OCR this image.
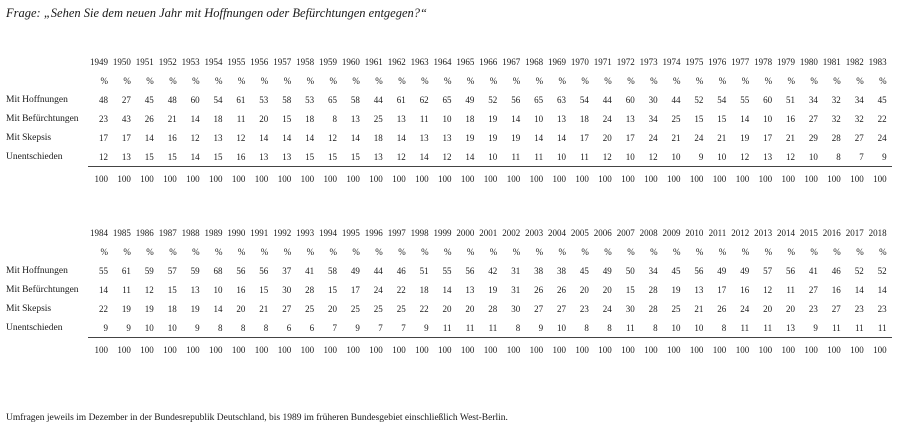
Frage: „Sehen Sie dem neuen Jahr mit Hoffnungen oder Befürchtungen entgegen?“
1949 1950 1951 1952 1953 1954 1955 1956 1957 1958 1959 1960 1961 1962 1963 1964 1965 1966 1967 1968 1969 1970 1971 1972 1973 1974 1975 1976 1977 1978 1979 1980 1981 1982 1983
%	%	%	%	%	%	%	%	%	%	%	%	%	%	%	%	%	%	%	%	%	%	%	%	%	%	%	%	%	%	%	%	%	%	%
Mit Hoffnungen	48	27	45	48	60	54	61	53	58	53	65	58	44	61	62	65	49	52	56	65	63	54	44	60	30	44	52	54	55	60	51	34	32	34	45
Mit Befürchtungen	23	43	26	21	14	18	11	20	15	18	8	13	25	13	11	10	18	19	14	10	13	18	24	13	34	25	15	15	14	10	16	27	32	32	22
Mit Skepsis	17	17	14	16	12	13	12	14	14	14	12	14	18	14	13	13	19	19	19	14	14	17	20	17	24	21	24	21	19	17	21	29	28	27	24
Unentschieden	12	13	15	15	14	15	16	13	13	15	15	15	13	12	14	12	14	10	11	11	10	11	12	10	12	10	9	10	12	13	12	10	8	7	9
100	100	100	100	100	100	100	100	100	100	100	100	100	100	100	100	100	100	100	100	100	100	100	100	100	100	100	100	100	100	100	100	100	100	100
1984 1985 1986 1987 1988 1989 1990 1991 1992 1993 1994 1995 1996 1997 1998 1999 2000 2001 2002 2003 2004 2005 2006 2007 2008 2009 2010 2011 2012 2013 2014 2015 2016 2017 2018
%	%	%	%	%	%	%	%	%	%	%	%	%	%	%	%	%	%	%	%	%	%	%	%	%	%	%	%	%	%	%	%	%	%	%
Mit Hoffnungen	55	61	59	57	59	68	56	56	37	41	58	49	44	46	51	55	56	42	31	38	38	45	49	50	34	45	56	49	49	57	56	41	46	52	52
Mit Befürchtungen	14	11	12	15	13	10	16	15	30	28	15	17	24	22	18	14	13	19	31	26	26	20	20	15	28	19	13	17	16	12	11	27	16	14	14
Mit Skepsis	22	19	19	18	19	14	20	21	27	25	20	25	25	25	22	20	20	28	30	27	27	23	24	30	28	25	21	26	24	20	20	23	27	23	23
Unentschieden	9	9	10	10	9	8	8	8	6	6	7	9	7	7	9	11	11	11	8	9	10	8	8	11	8	10	10	8	11	11	13	9	11	11	11
100	100	100	100	100	100	100	100	100	100	100	100	100	100	100	100	100	100	100	100	100	100	100	100	100	100	100	100	100	100	100	100	100	100	100
Umfragen jeweils im Dezember in der Bundesrepublik Deutschland, bis 1989 im früheren Bundesgebiet einschließlich West-Berlin.
